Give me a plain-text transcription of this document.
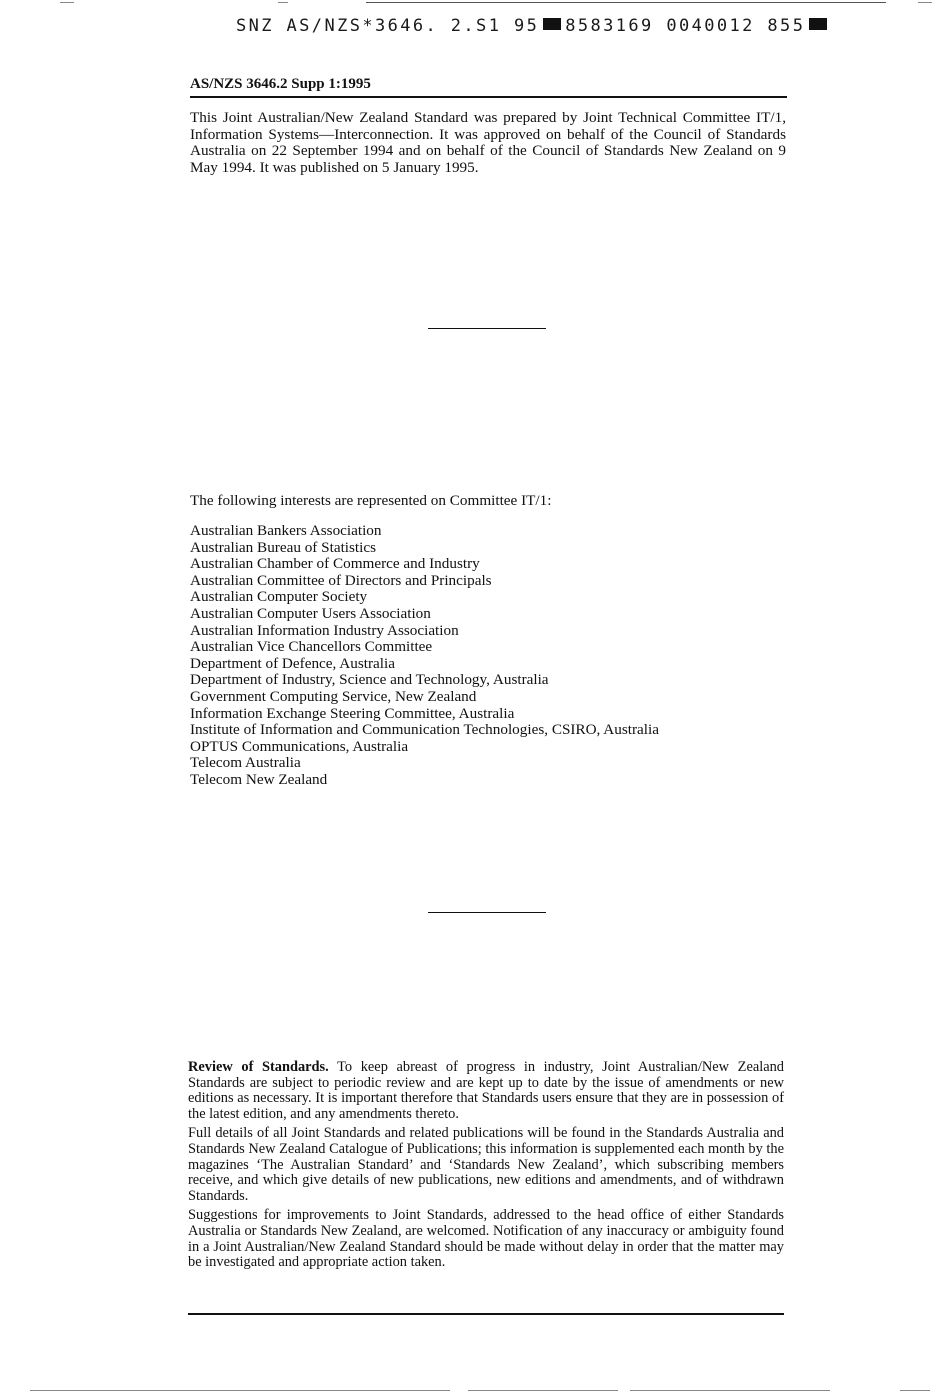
SNZ AS/NZS*3646. 2.S1 95 8583169 0040012 855
AS/NZS 3646.2 Supp 1:1995
This Joint Australian/New Zealand Standard was prepared by Joint Technical Committee IT/1, Information Systems—Interconnection. It was approved on behalf of the Council of Standards Australia on 22 September 1994 and on behalf of the Council of Standards New Zealand on 9 May 1994. It was published on 5 January 1995.
The following interests are represented on Committee IT/1:
Australian Bankers Association
Australian Bureau of Statistics
Australian Chamber of Commerce and Industry
Australian Committee of Directors and Principals
Australian Computer Society
Australian Computer Users Association
Australian Information Industry Association
Australian Vice Chancellors Committee
Department of Defence, Australia
Department of Industry, Science and Technology, Australia
Government Computing Service, New Zealand
Information Exchange Steering Committee, Australia
Institute of Information and Communication Technologies, CSIRO, Australia
OPTUS Communications, Australia
Telecom Australia
Telecom New Zealand

Review of Standards. To keep abreast of progress in industry, Joint Australian/New Zealand Standards are subject to periodic review and are kept up to date by the issue of amendments or new editions as necessary. It is important therefore that Standards users ensure that they are in possession of the latest edition, and any amendments thereto.

Full details of all Joint Standards and related publications will be found in the Standards Australia and Standards New Zealand Catalogue of Publications; this information is supplemented each month by the magazines ‘The Australian Standard’ and ‘Standards New Zealand’, which subscribing members receive, and which give details of new publications, new editions and amendments, and of withdrawn Standards.

Suggestions for improvements to Joint Standards, addressed to the head office of either Standards Australia or Standards New Zealand, are welcomed. Notification of any inaccuracy or ambiguity found in a Joint Australian/New Zealand Standard should be made without delay in order that the matter may be investigated and appropriate action taken.
